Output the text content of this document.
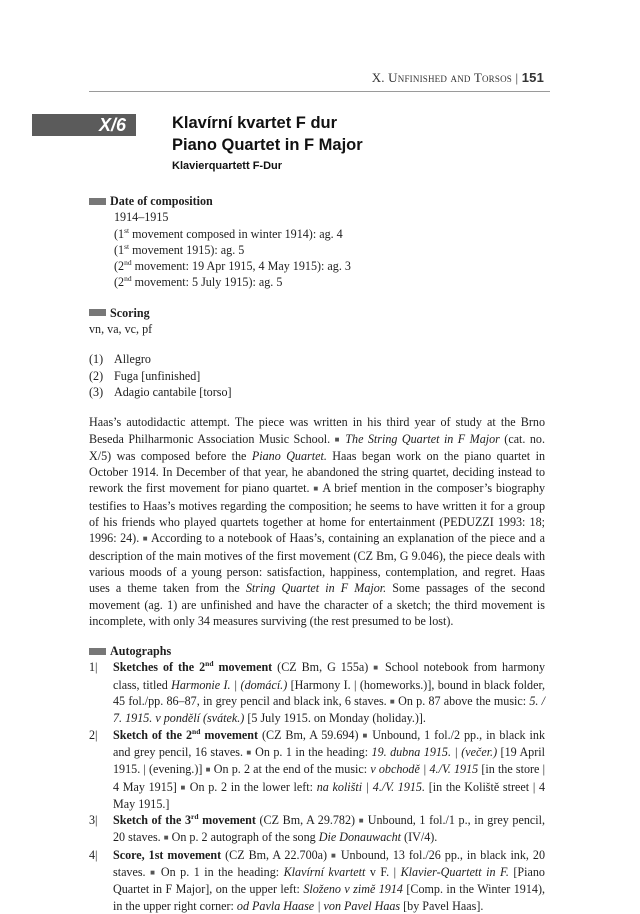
X. Unfinished and Torsos | 151
X/6	Klavírní kvartet F dur
Piano Quartet in F Major
Klavierquartett F-Dur
Date of composition
1914–1915
(1st movement composed in winter 1914): ag. 4
(1st movement 1915): ag. 5
(2nd movement: 19 Apr 1915, 4 May 1915): ag. 3
(2nd movement: 5 July 1915): ag. 5
Scoring
vn, va, vc, pf
(1) Allegro
(2) Fuga [unfinished]
(3) Adagio cantabile [torso]
Haas’s autodidactic attempt. The piece was written in his third year of study at the Brno Beseda Philharmonic Association Music School. ■ The String Quartet in F Major (cat. no. X/5) was composed before the Piano Quartet. Haas began work on the piano quartet in October 1914. In December of that year, he abandoned the string quartet, deciding instead to rework the first movement for piano quartet. ■ A brief mention in the composer’s biography testifies to Haas’s motives regarding the composition; he seems to have written it for a group of his friends who played quartets together at home for entertainment (PEDUZZI 1993: 18; 1996: 24). ■ According to a notebook of Haas’s, containing an explanation of the piece and a description of the main motives of the first movement (CZ Bm, G 9.046), the piece deals with various moods of a young person: satisfaction, happiness, contemplation, and regret. Haas uses a theme taken from the String Quartet in F Major. Some passages of the second movement (ag. 1) are unfinished and have the character of a sketch; the third movement is incomplete, with only 34 measures surviving (the rest presumed to be lost).
Autographs
1|	Sketches of the 2nd movement (CZ Bm, G 155a) ■ School notebook from harmony class, titled Harmonie I. | (domácí.) [Harmony I. | (homeworks.)], bound in black folder, 45 fol./pp. 86–87, in grey pencil and black ink, 6 staves. ■ On p. 87 above the music: 5. / 7. 1915. v pondělí (svátek.) [5 July 1915. on Monday (holiday.)].
2|	Sketch of the 2nd movement (CZ Bm, A 59.694) ■ Unbound, 1 fol./2 pp., in black ink and grey pencil, 16 staves. ■ On p. 1 in the heading: 19. dubna 1915. | (večer.) [19 April 1915. | (evening.)] ■ On p. 2 at the end of the music: v obchodě | 4./V. 1915 [in the store | 4 May 1915] ■ On p. 2 in the lower left: na kolišti | 4./V. 1915. [in the Koliště street | 4 May 1915.]
3|	Sketch of the 3rd movement (CZ Bm, A 29.782) ■ Unbound, 1 fol./1 p., in grey pencil, 20 staves. ■ On p. 2 autograph of the song Die Donauwacht (IV/4).
4|	Score, 1st movement (CZ Bm, A 22.700a) ■ Unbound, 13 fol./26 pp., in black ink, 20 staves. ■ On p. 1 in the heading: Klavírní kvartett v F. | Klavier-Quartett in F. [Piano Quartet in F Major], on the upper left: Složeno v zimě 1914 [Comp. in the Winter 1914), in the upper right corner: od Pavla Haase | von Pavel Haas [by Pavel Haas].
